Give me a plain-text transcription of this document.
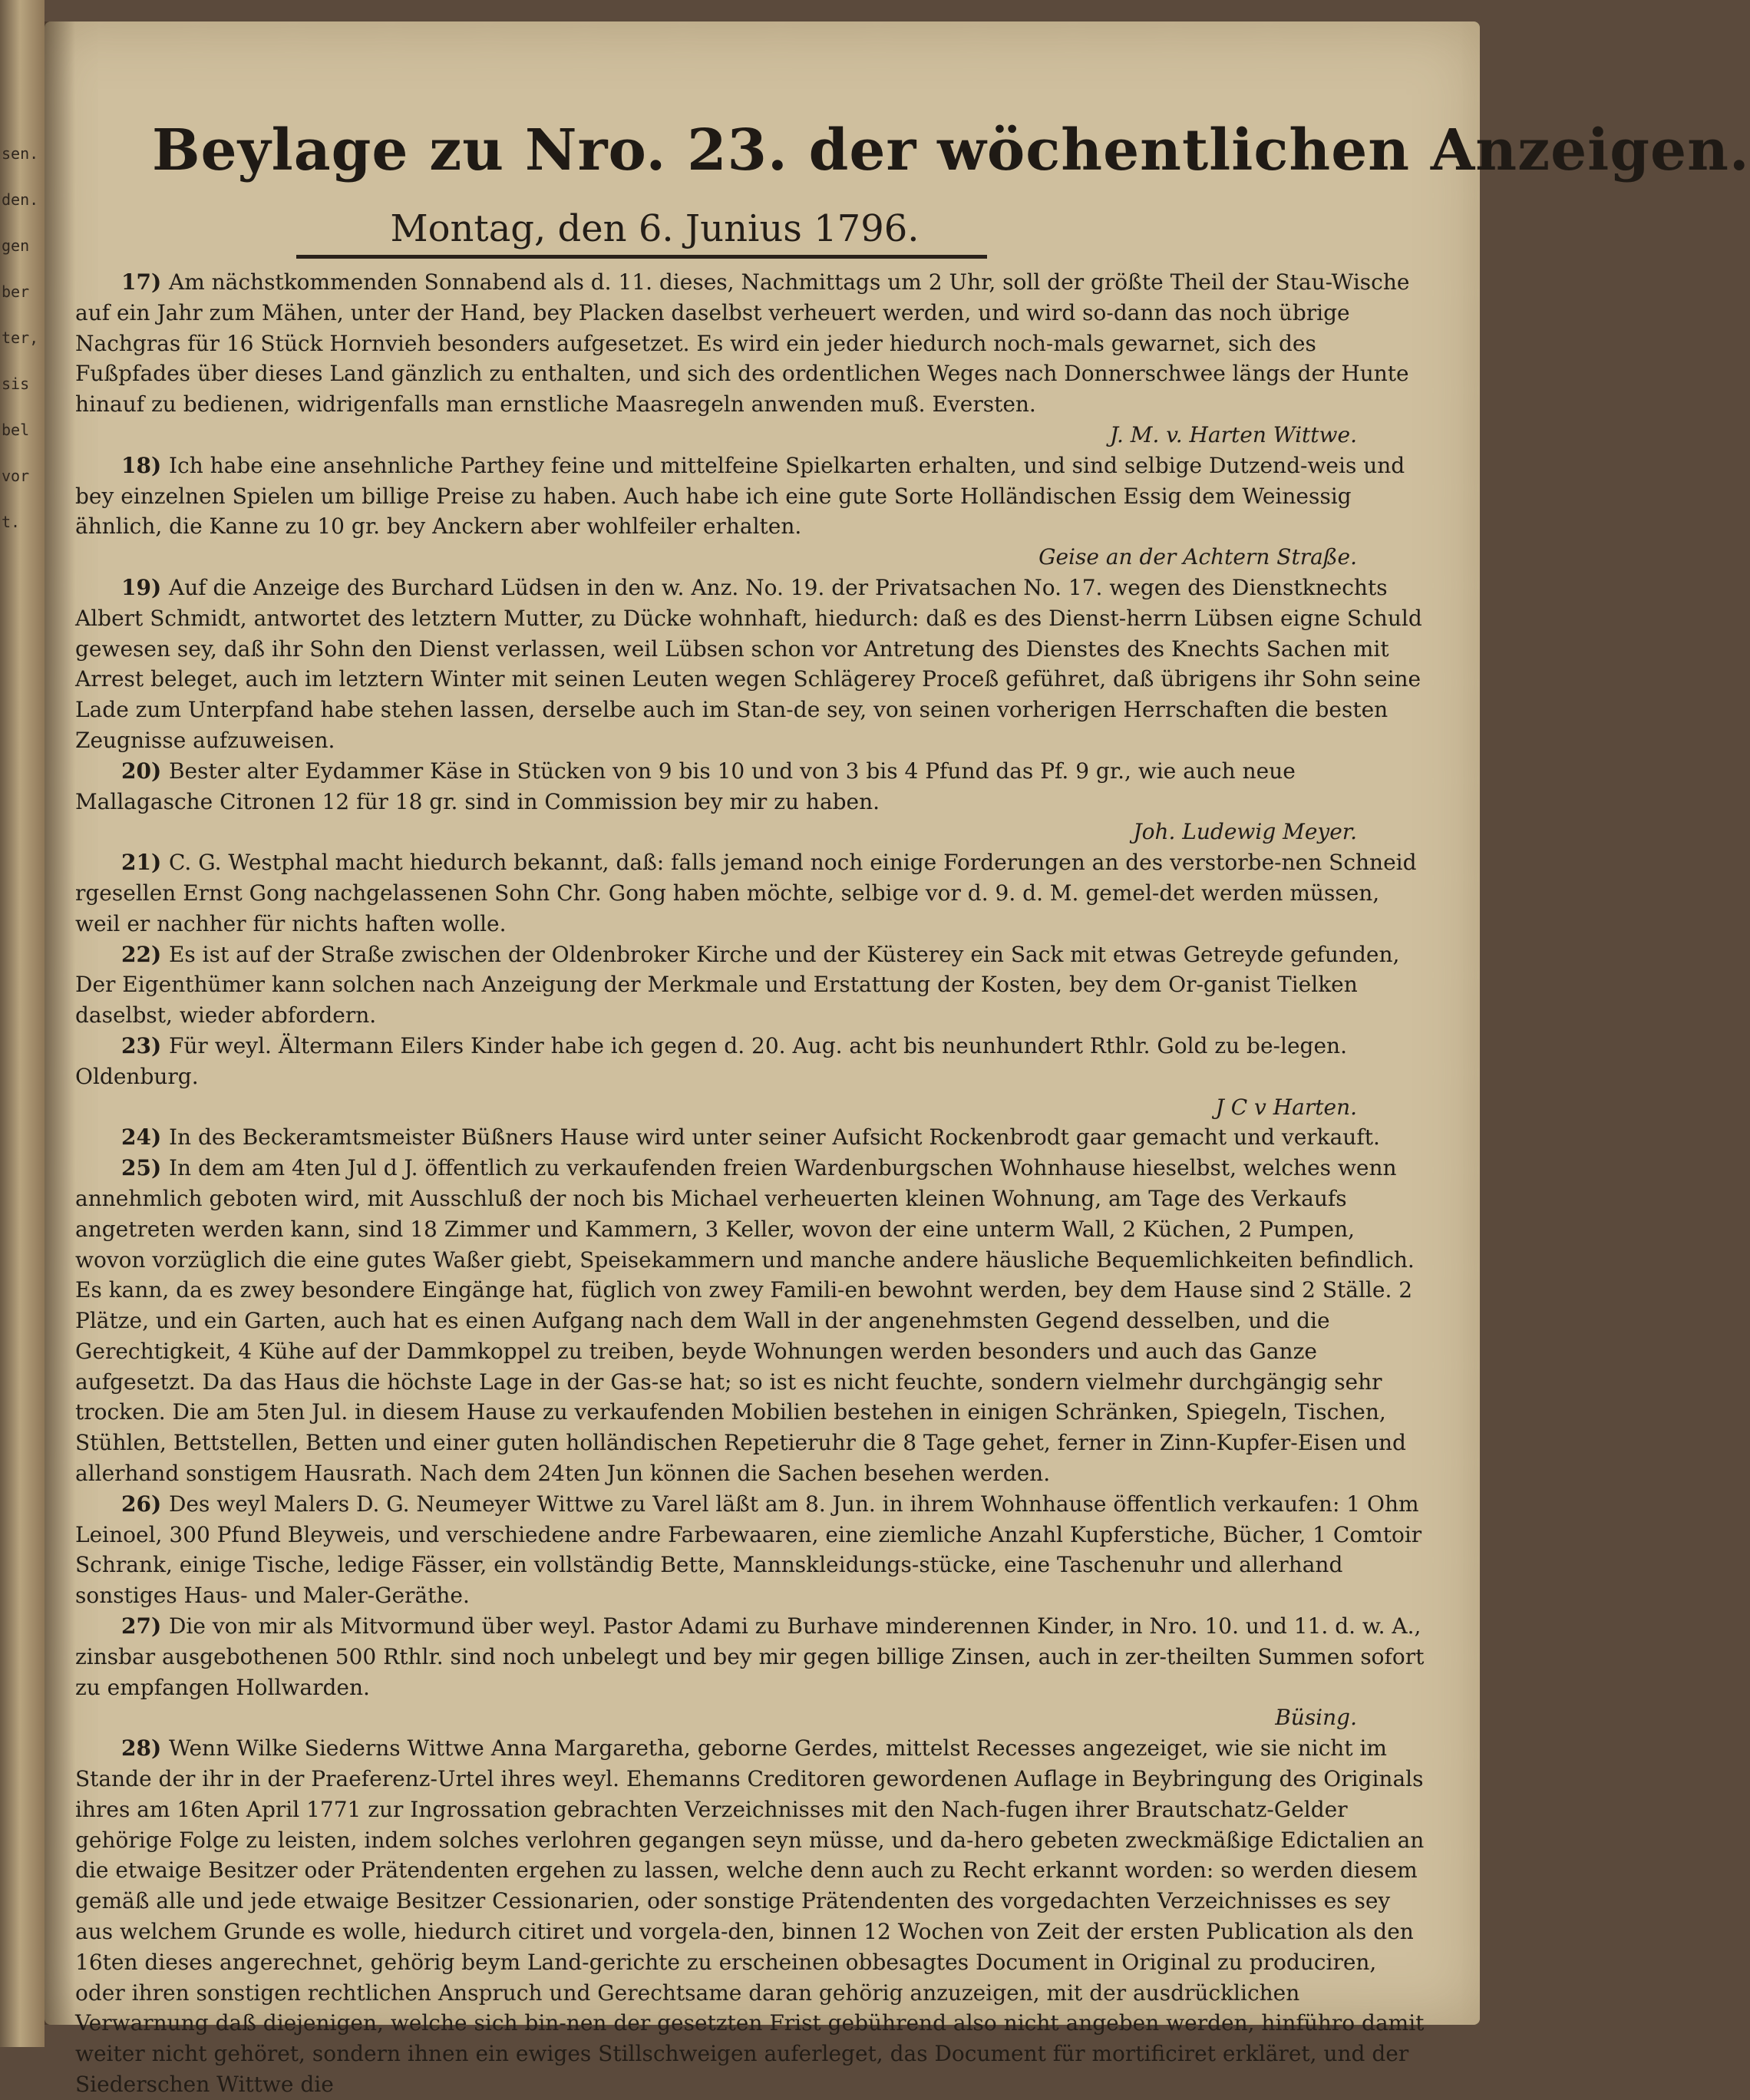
sen.
den.
gen
ber
ter,
sis
bel
vor
t.
Beylage zu Nro. 23. der wöchentlichen Anzeigen.
Montag, den 6. Junius 1796.

17) Am nächstkommenden Sonnabend als d. 11. dieses, Nachmittags um 2 Uhr, soll der größte Theil der Stau-Wische auf ein Jahr zum Mähen, unter der Hand, bey Placken daselbst verheuert werden, und wird so-dann das noch übrige Nachgras für 16 Stück Hornvieh besonders aufgesetzet. Es wird ein jeder hiedurch noch-mals gewarnet, sich des Fußpfades über dieses Land gänzlich zu enthalten, und sich des ordentlichen Weges nach Donnerschwee längs der Hunte hinauf zu bedienen, widrigenfalls man ernstliche Maasregeln anwenden muß. Eversten.

J. M. v. Harten Wittwe.

18) Ich habe eine ansehnliche Parthey feine und mittelfeine Spielkarten erhalten, und sind selbige Dutzend-weis und bey einzelnen Spielen um billige Preise zu haben. Auch habe ich eine gute Sorte Holländischen Essig dem Weinessig ähnlich, die Kanne zu 10 gr. bey Anckern aber wohlfeiler erhalten.

Geise an der Achtern Straße.

19) Auf die Anzeige des Burchard Lüdsen in den w. Anz. No. 19. der Privatsachen No. 17. wegen des Dienstknechts Albert Schmidt, antwortet des letztern Mutter, zu Dücke wohnhaft, hiedurch: daß es des Dienst-herrn Lübsen eigne Schuld gewesen sey, daß ihr Sohn den Dienst verlassen, weil Lübsen schon vor Antretung des Dienstes des Knechts Sachen mit Arrest beleget, auch im letztern Winter mit seinen Leuten wegen Schlägerey Proceß geführet, daß übrigens ihr Sohn seine Lade zum Unterpfand habe stehen lassen, derselbe auch im Stan-de sey, von seinen vorherigen Herrschaften die besten Zeugnisse aufzuweisen.

20) Bester alter Eydammer Käse in Stücken von 9 bis 10 und von 3 bis 4 Pfund das Pf. 9 gr., wie auch neue Mallagasche Citronen 12 für 18 gr. sind in Commission bey mir zu haben.

Joh. Ludewig Meyer.

21) C. G. Westphal macht hiedurch bekannt, daß: falls jemand noch einige Forderungen an des verstorbe-nen Schneid rgesellen Ernst Gong nachgelassenen Sohn Chr. Gong haben möchte, selbige vor d. 9. d. M. gemel-det werden müssen, weil er nachher für nichts haften wolle.

22) Es ist auf der Straße zwischen der Oldenbroker Kirche und der Küsterey ein Sack mit etwas Getreyde gefunden, Der Eigenthümer kann solchen nach Anzeigung der Merkmale und Erstattung der Kosten, bey dem Or-ganist Tielken daselbst, wieder abfordern.

23) Für weyl. Ältermann Eilers Kinder habe ich gegen d. 20. Aug. acht bis neunhundert Rthlr. Gold zu be-legen. Oldenburg.

J C v Harten.

24) In des Beckeramtsmeister Büßners Hause wird unter seiner Aufsicht Rockenbrodt gaar gemacht und verkauft.

25) In dem am 4ten Jul d J. öffentlich zu verkaufenden freien Wardenburgschen Wohnhause hieselbst, welches wenn annehmlich geboten wird, mit Ausschluß der noch bis Michael verheuerten kleinen Wohnung, am Tage des Verkaufs angetreten werden kann, sind 18 Zimmer und Kammern, 3 Keller, wovon der eine unterm Wall, 2 Küchen, 2 Pumpen, wovon vorzüglich die eine gutes Waßer giebt, Speisekammern und manche andere häusliche Bequemlichkeiten befindlich. Es kann, da es zwey besondere Eingänge hat, füglich von zwey Famili-en bewohnt werden, bey dem Hause sind 2 Ställe. 2 Plätze, und ein Garten, auch hat es einen Aufgang nach dem Wall in der angenehmsten Gegend desselben, und die Gerechtigkeit, 4 Kühe auf der Dammkoppel zu treiben, beyde Wohnungen werden besonders und auch das Ganze aufgesetzt. Da das Haus die höchste Lage in der Gas-se hat; so ist es nicht feuchte, sondern vielmehr durchgängig sehr trocken. Die am 5ten Jul. in diesem Hause zu verkaufenden Mobilien bestehen in einigen Schränken, Spiegeln, Tischen, Stühlen, Bettstellen, Betten und einer guten holländischen Repetieruhr die 8 Tage gehet, ferner in Zinn-Kupfer-Eisen und allerhand sonstigem Hausrath. Nach dem 24ten Jun können die Sachen besehen werden.

26) Des weyl Malers D. G. Neumeyer Wittwe zu Varel läßt am 8. Jun. in ihrem Wohnhause öffentlich verkaufen: 1 Ohm Leinoel, 300 Pfund Bleyweis, und verschiedene andre Farbewaaren, eine ziemliche Anzahl Kupferstiche, Bücher, 1 Comtoir Schrank, einige Tische, ledige Fässer, ein vollständig Bette, Mannskleidungs-stücke, eine Taschenuhr und allerhand sonstiges Haus- und Maler-Geräthe.

27) Die von mir als Mitvormund über weyl. Pastor Adami zu Burhave minderennen Kinder, in Nro. 10. und 11. d. w. A., zinsbar ausgebothenen 500 Rthlr. sind noch unbelegt und bey mir gegen billige Zinsen, auch in zer-theilten Summen sofort zu empfangen Hollwarden.

Büsing.

28) Wenn Wilke Siederns Wittwe Anna Margaretha, geborne Gerdes, mittelst Recesses angezeiget, wie sie nicht im Stande der ihr in der Praeferenz-Urtel ihres weyl. Ehemanns Creditoren gewordenen Auflage in Beybringung des Originals ihres am 16ten April 1771 zur Ingrossation gebrachten Verzeichnisses mit den Nach-fugen ihrer Brautschatz-Gelder gehörige Folge zu leisten, indem solches verlohren gegangen seyn müsse, und da-hero gebeten zweckmäßige Edictalien an die etwaige Besitzer oder Prätendenten ergehen zu lassen, welche denn auch zu Recht erkannt worden: so werden diesem gemäß alle und jede etwaige Besitzer Cessionarien, oder sonstige Prätendenten des vorgedachten Verzeichnisses es sey aus welchem Grunde es wolle, hiedurch citiret und vorgela-den, binnen 12 Wochen von Zeit der ersten Publication als den 16ten dieses angerechnet, gehörig beym Land-gerichte zu erscheinen obbesagtes Document in Original zu produciren, oder ihren sonstigen rechtlichen Anspruch und Gerechtsame daran gehörig anzuzeigen, mit der ausdrücklichen Verwarnung daß diejenigen, welche sich bin-nen der gesetzten Frist gebührend also nicht angeben werden, hinführo damit weiter nicht gehöret, sondern ihnen ein ewiges Stillschweigen auferleget, das Document für mortificiret erkläret, und der Siederschen Wittwe die
